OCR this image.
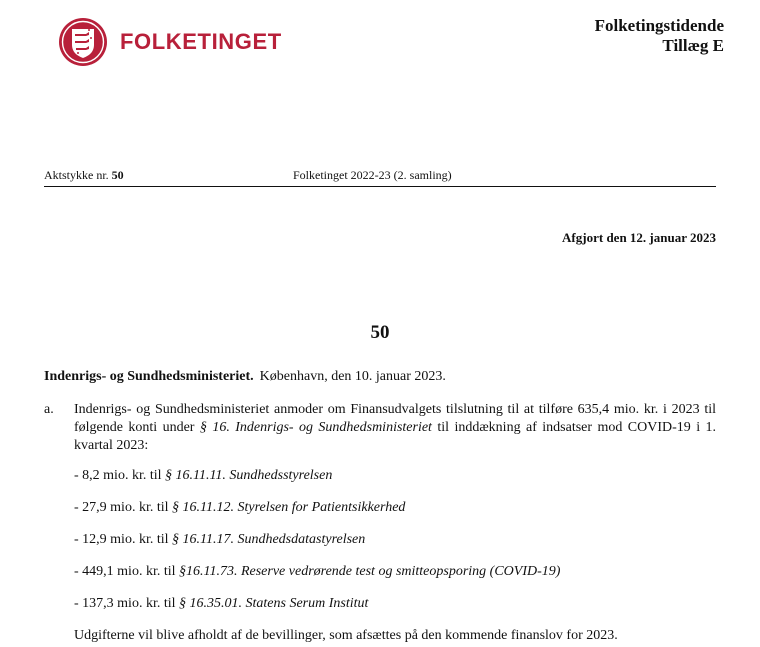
FOLKETINGET
Folketingstidende
Tillæg E
Aktstykke nr. 50	Folketinget 2022-23 (2. samling)
Afgjort den 12. januar 2023
50
Indenrigs- og Sundhedsministeriet. København, den 10. januar 2023.
a. Indenrigs- og Sundhedsministeriet anmoder om Finansudvalgets tilslutning til at tilføre 635,4 mio. kr. i 2023 til følgende konti under § 16. Indenrigs- og Sundhedsministeriet til inddækning af indsatser mod COVID-19 i 1. kvartal 2023:
- 8,2 mio. kr. til § 16.11.11. Sundhedsstyrelsen
- 27,9 mio. kr. til § 16.11.12. Styrelsen for Patientsikkerhed
- 12,9 mio. kr. til § 16.11.17. Sundhedsdatastyrelsen
- 449,1 mio. kr. til §16.11.73. Reserve vedrørende test og smitteopsporing (COVID-19)
- 137,3 mio. kr. til § 16.35.01. Statens Serum Institut
Udgifterne vil blive afholdt af de bevillinger, som afsættes på den kommende finanslov for 2023.
